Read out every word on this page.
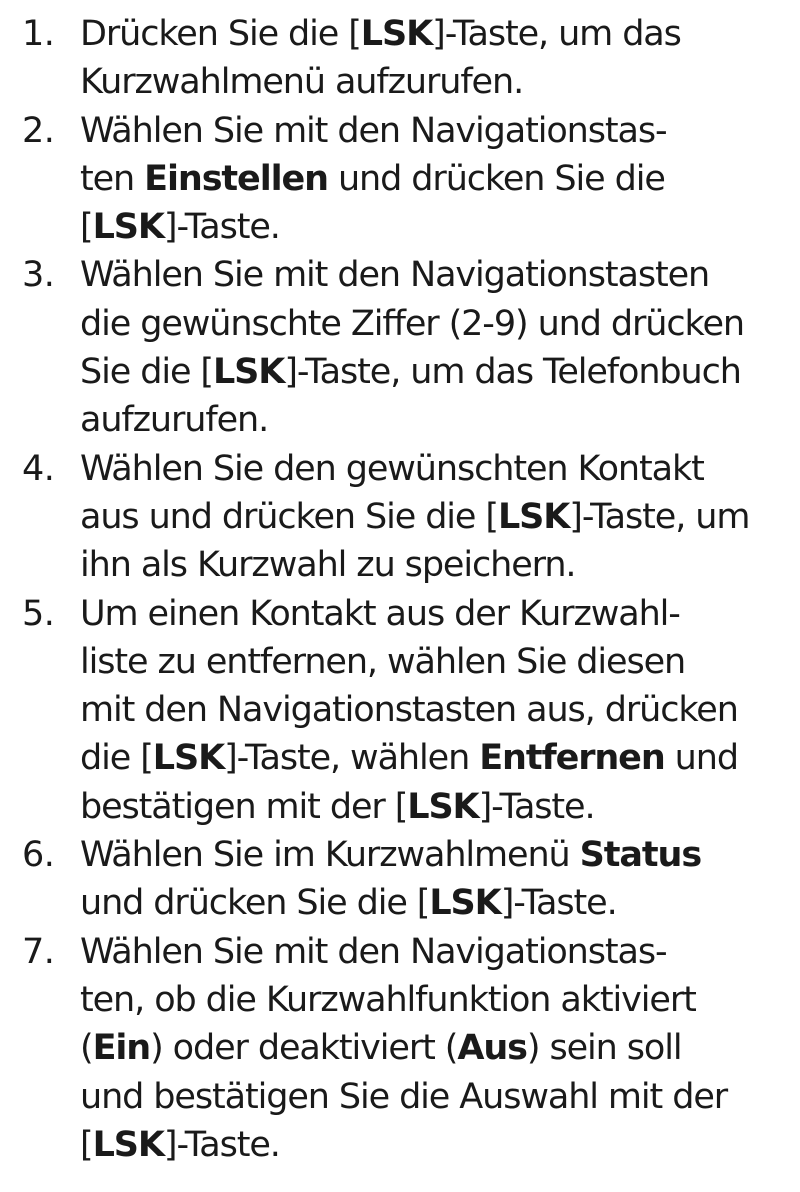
1. Drücken Sie die [LSK]-Taste, um das
Kurzwahlmenü aufzurufen.
2. Wählen Sie mit den Navigationstas-
ten Einstellen und drücken Sie die
[LSK]-Taste.
3. Wählen Sie mit den Navigationstasten
die gewünschte Ziffer (2-9) und drücken
Sie die [LSK]-Taste, um das Telefonbuch
aufzurufen.
4. Wählen Sie den gewünschten Kontakt
aus und drücken Sie die [LSK]-Taste, um
ihn als Kurzwahl zu speichern.
5. Um einen Kontakt aus der Kurzwahl-
liste zu entfernen, wählen Sie diesen
mit den Navigationstasten aus, drücken
die [LSK]-Taste, wählen Entfernen und
bestätigen mit der [LSK]-Taste.
6. Wählen Sie im Kurzwahlmenü Status
und drücken Sie die [LSK]-Taste.
7. Wählen Sie mit den Navigationstas-
ten, ob die Kurzwahlfunktion aktiviert
(Ein) oder deaktiviert (Aus) sein soll
und bestätigen Sie die Auswahl mit der
[LSK]-Taste.
